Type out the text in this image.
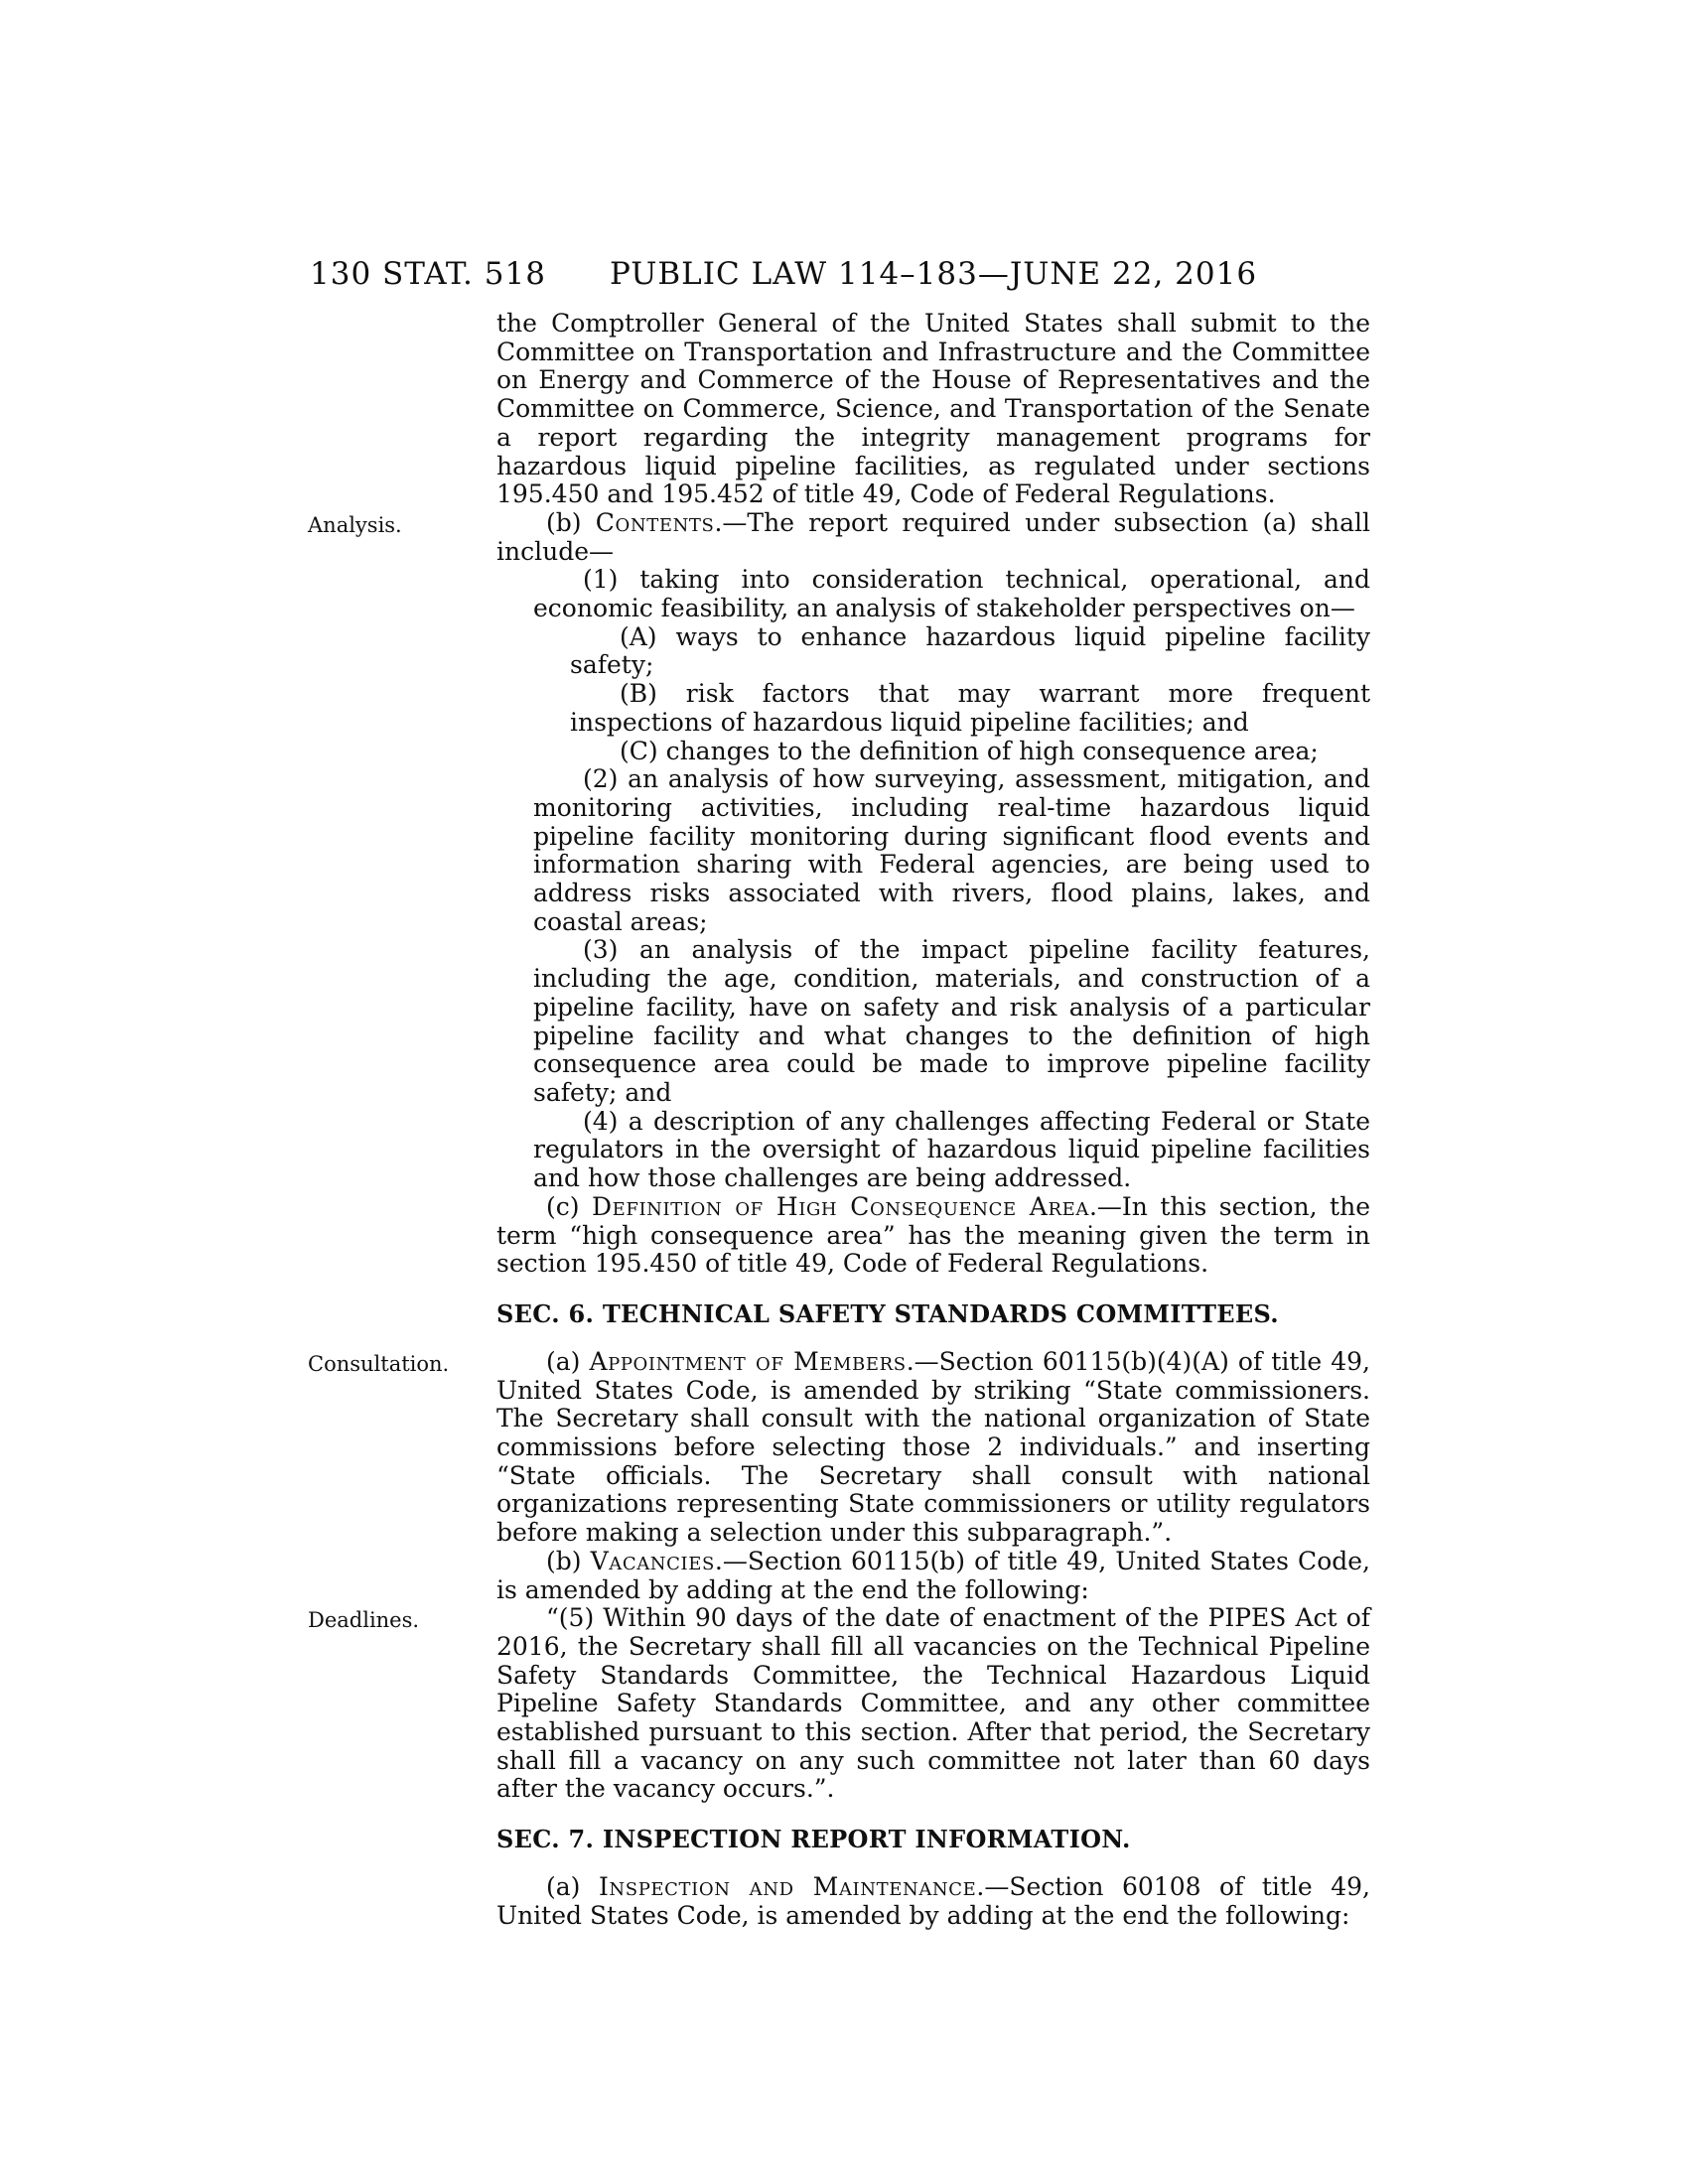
130 STAT. 518	PUBLIC LAW 114–183—JUNE 22, 2016

the Comptroller General of the United States shall submit to the Committee on Transportation and Infrastructure and the Committee on Energy and Commerce of the House of Representatives and the Committee on Commerce, Science, and Transportation of the Senate a report regarding the integrity management programs for hazardous liquid pipeline facilities, as regulated under sections 195.450 and 195.452 of title 49, Code of Federal Regulations.

(b) Contents.—The report required under subsection (a) shall include—
Analysis.

(1) taking into consideration technical, operational, and economic feasibility, an analysis of stakeholder perspectives on—

(A) ways to enhance hazardous liquid pipeline facility safety;

(B) risk factors that may warrant more frequent inspections of hazardous liquid pipeline facilities; and

(C) changes to the definition of high consequence area;

(2) an analysis of how surveying, assessment, mitigation, and monitoring activities, including real-time hazardous liquid pipeline facility monitoring during significant flood events and information sharing with Federal agencies, are being used to address risks associated with rivers, flood plains, lakes, and coastal areas;

(3) an analysis of the impact pipeline facility features, including the age, condition, materials, and construction of a pipeline facility, have on safety and risk analysis of a particular pipeline facility and what changes to the definition of high consequence area could be made to improve pipeline facility safety; and

(4) a description of any challenges affecting Federal or State regulators in the oversight of hazardous liquid pipeline facilities and how those challenges are being addressed.

(c) Definition of High Consequence Area.—In this section, the term “high consequence area” has the meaning given the term in section 195.450 of title 49, Code of Federal Regulations.

SEC. 6. TECHNICAL SAFETY STANDARDS COMMITTEES.

(a) Appointment of Members.—Section 60115(b)(4)(A) of title 49, United States Code, is amended by striking “State commissioners. The Secretary shall consult with the national organization of State commissions before selecting those 2 individuals.” and inserting “State officials. The Secretary shall consult with national organizations representing State commissioners or utility regulators before making a selection under this subparagraph.”.
Consultation.

(b) Vacancies.—Section 60115(b) of title 49, United States Code, is amended by adding at the end the following:

“(5) Within 90 days of the date of enactment of the PIPES Act of 2016, the Secretary shall fill all vacancies on the Technical Pipeline Safety Standards Committee, the Technical Hazardous Liquid Pipeline Safety Standards Committee, and any other committee established pursuant to this section. After that period, the Secretary shall fill a vacancy on any such committee not later than 60 days after the vacancy occurs.”.
Deadlines.

SEC. 7. INSPECTION REPORT INFORMATION.

(a) Inspection and Maintenance.—Section 60108 of title 49, United States Code, is amended by adding at the end the following:
